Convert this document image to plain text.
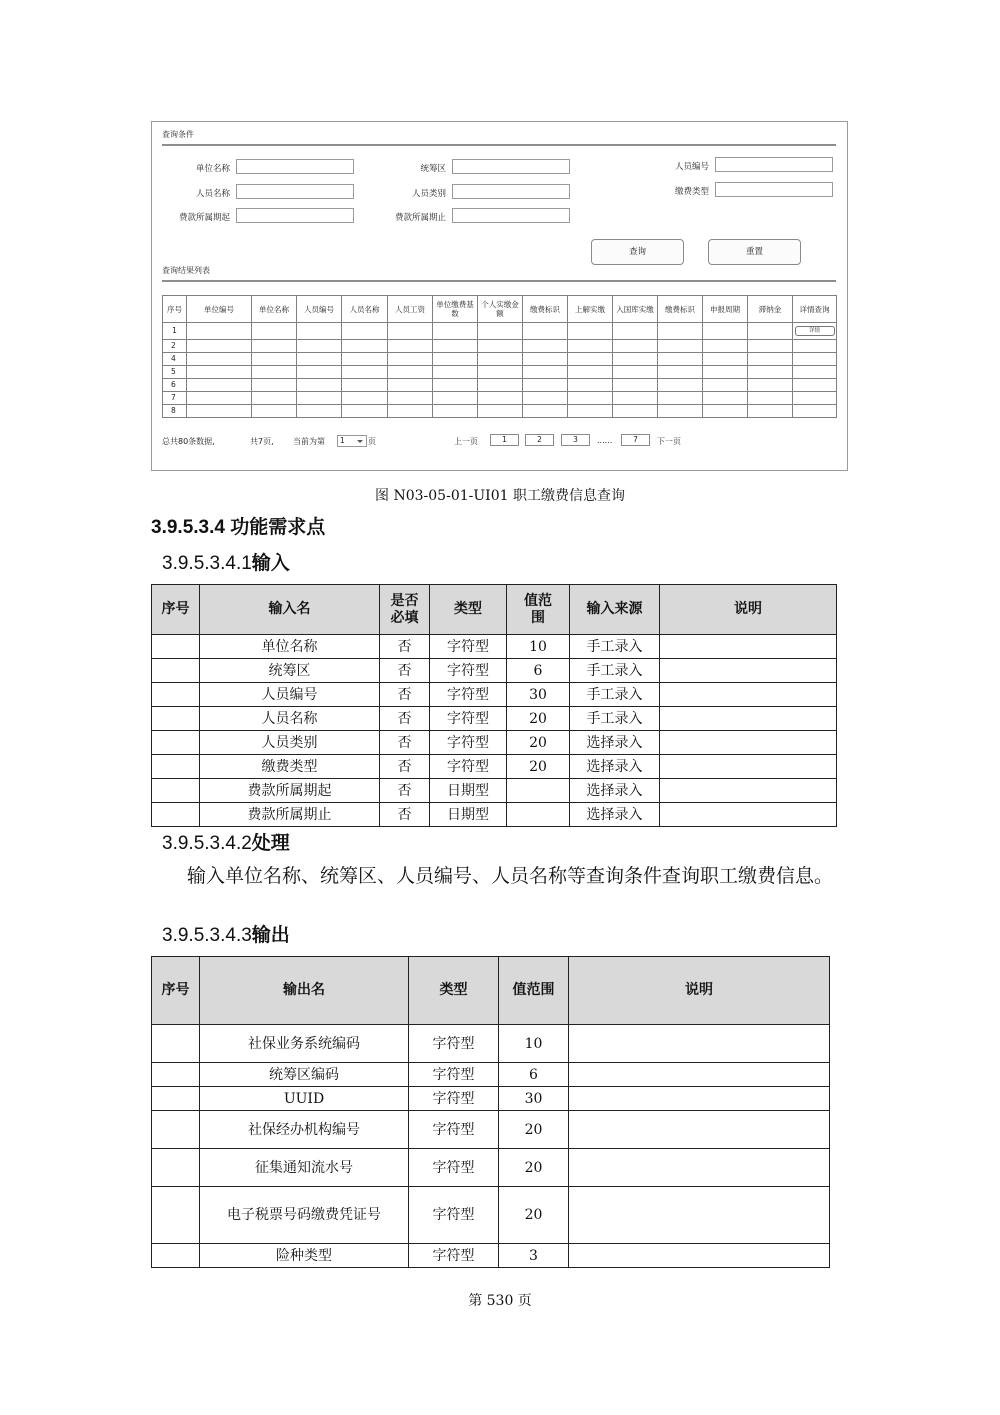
查询条件
单位名称	统筹区	人员编号
人员名称	人员类别	缴费类型
费款所属期起	费款所属期止
查询	重置
查询结果列表
序号	单位编号	单位名称	人员编号	人员名称	人员工资	单位缴费基数	个人实缴金额	缴费标识	上解实缴	入国库实缴	缴费标识	申报周期	滞纳金	详情查询
1														详情
2														
4														
5														
6														
7														
8														
总共80条数据,	共7页, 当前为第	1	页	上一页	1	2	3	......	7	下一页
图 N03-05-01-UI01 职工缴费信息查询
3.9.5.3.4 功能需求点
3.9.5.3.4.1输入
序号	输入名	是否必填	类型	值范围	输入来源	说明
	单位名称	否	字符型	10	手工录入	
	统筹区	否	字符型	6	手工录入	
	人员编号	否	字符型	30	手工录入	
	人员名称	否	字符型	20	手工录入	
	人员类别	否	字符型	20	选择录入	
	缴费类型	否	字符型	20	选择录入	
	费款所属期起	否	日期型		选择录入	
	费款所属期止	否	日期型		选择录入	
3.9.5.3.4.2处理
输入单位名称、统筹区、人员编号、人员名称等查询条件查询职工缴费信息。
3.9.5.3.4.3输出
序号	输出名	类型	值范围	说明
	社保业务系统编码	字符型	10	
	统筹区编码	字符型	6	
	UUID	字符型	30	
	社保经办机构编号	字符型	20	
	征集通知流水号	字符型	20	
	电子税票号码缴费凭证号	字符型	20	
	险种类型	字符型	3	
第 530 页
